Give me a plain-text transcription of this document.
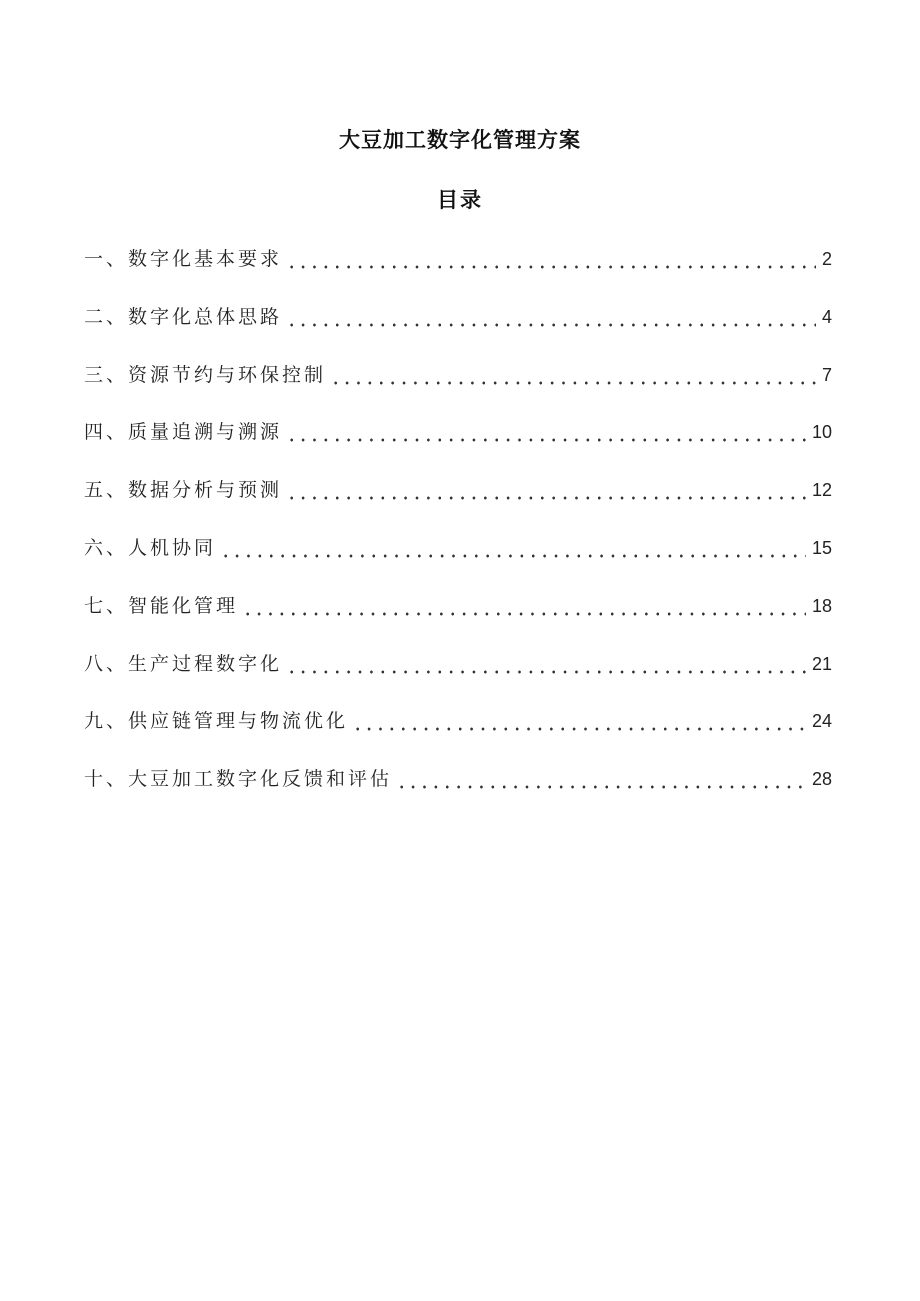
大豆加工数字化管理方案
目录
一、数字化基本要求	2
二、数字化总体思路	4
三、资源节约与环保控制	7
四、质量追溯与溯源	10
五、数据分析与预测	12
六、人机协同	15
七、智能化管理	18
八、生产过程数字化	21
九、供应链管理与物流优化	24
十、大豆加工数字化反馈和评估	28
